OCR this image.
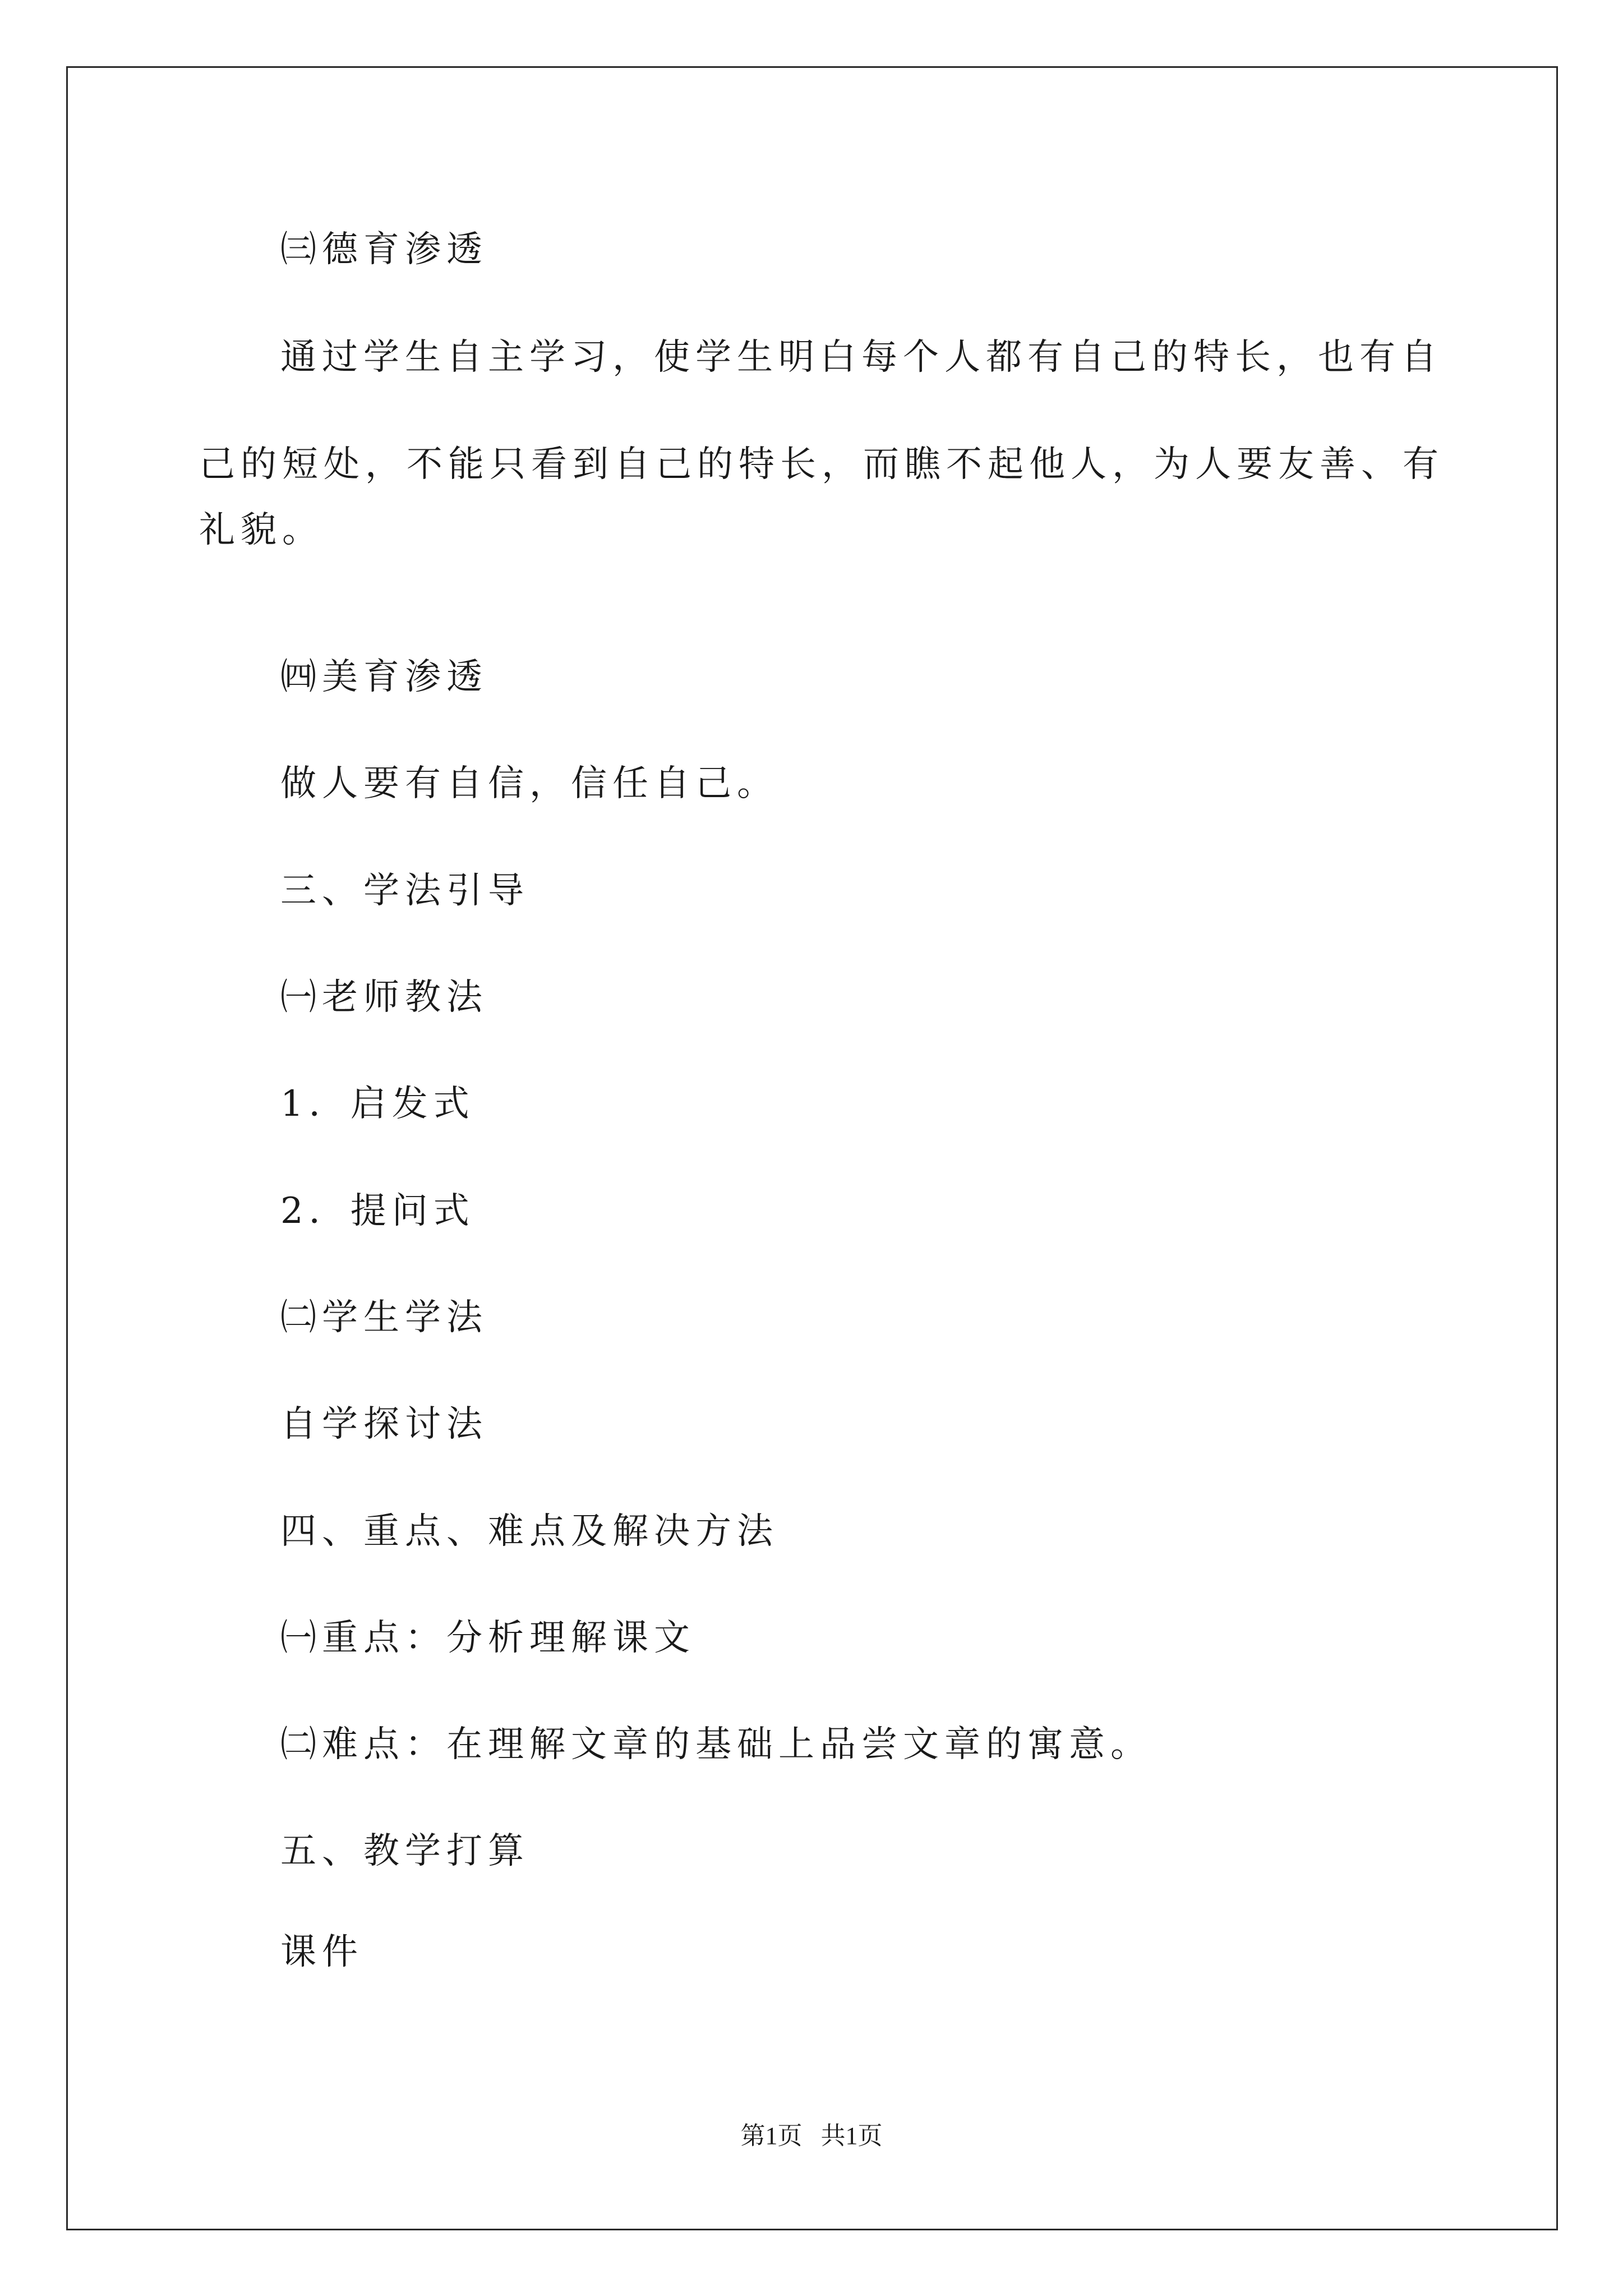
㈢德育渗透
通过学生自主学习，使学生明白每个人都有自己的特长，也有自
己的短处，不能只看到自己的特长，而瞧不起他人，为人要友善、有
礼貌。
㈣美育渗透
做人要有自信，信任自己。
三、学法引导
㈠老师教法
1．启发式
2．提问式
㈡学生学法
自学探讨法
四、重点、难点及解决方法
㈠重点：分析理解课文
㈡难点：在理解文章的基础上品尝文章的寓意。
五、教学打算
课件
第1页   共1页
